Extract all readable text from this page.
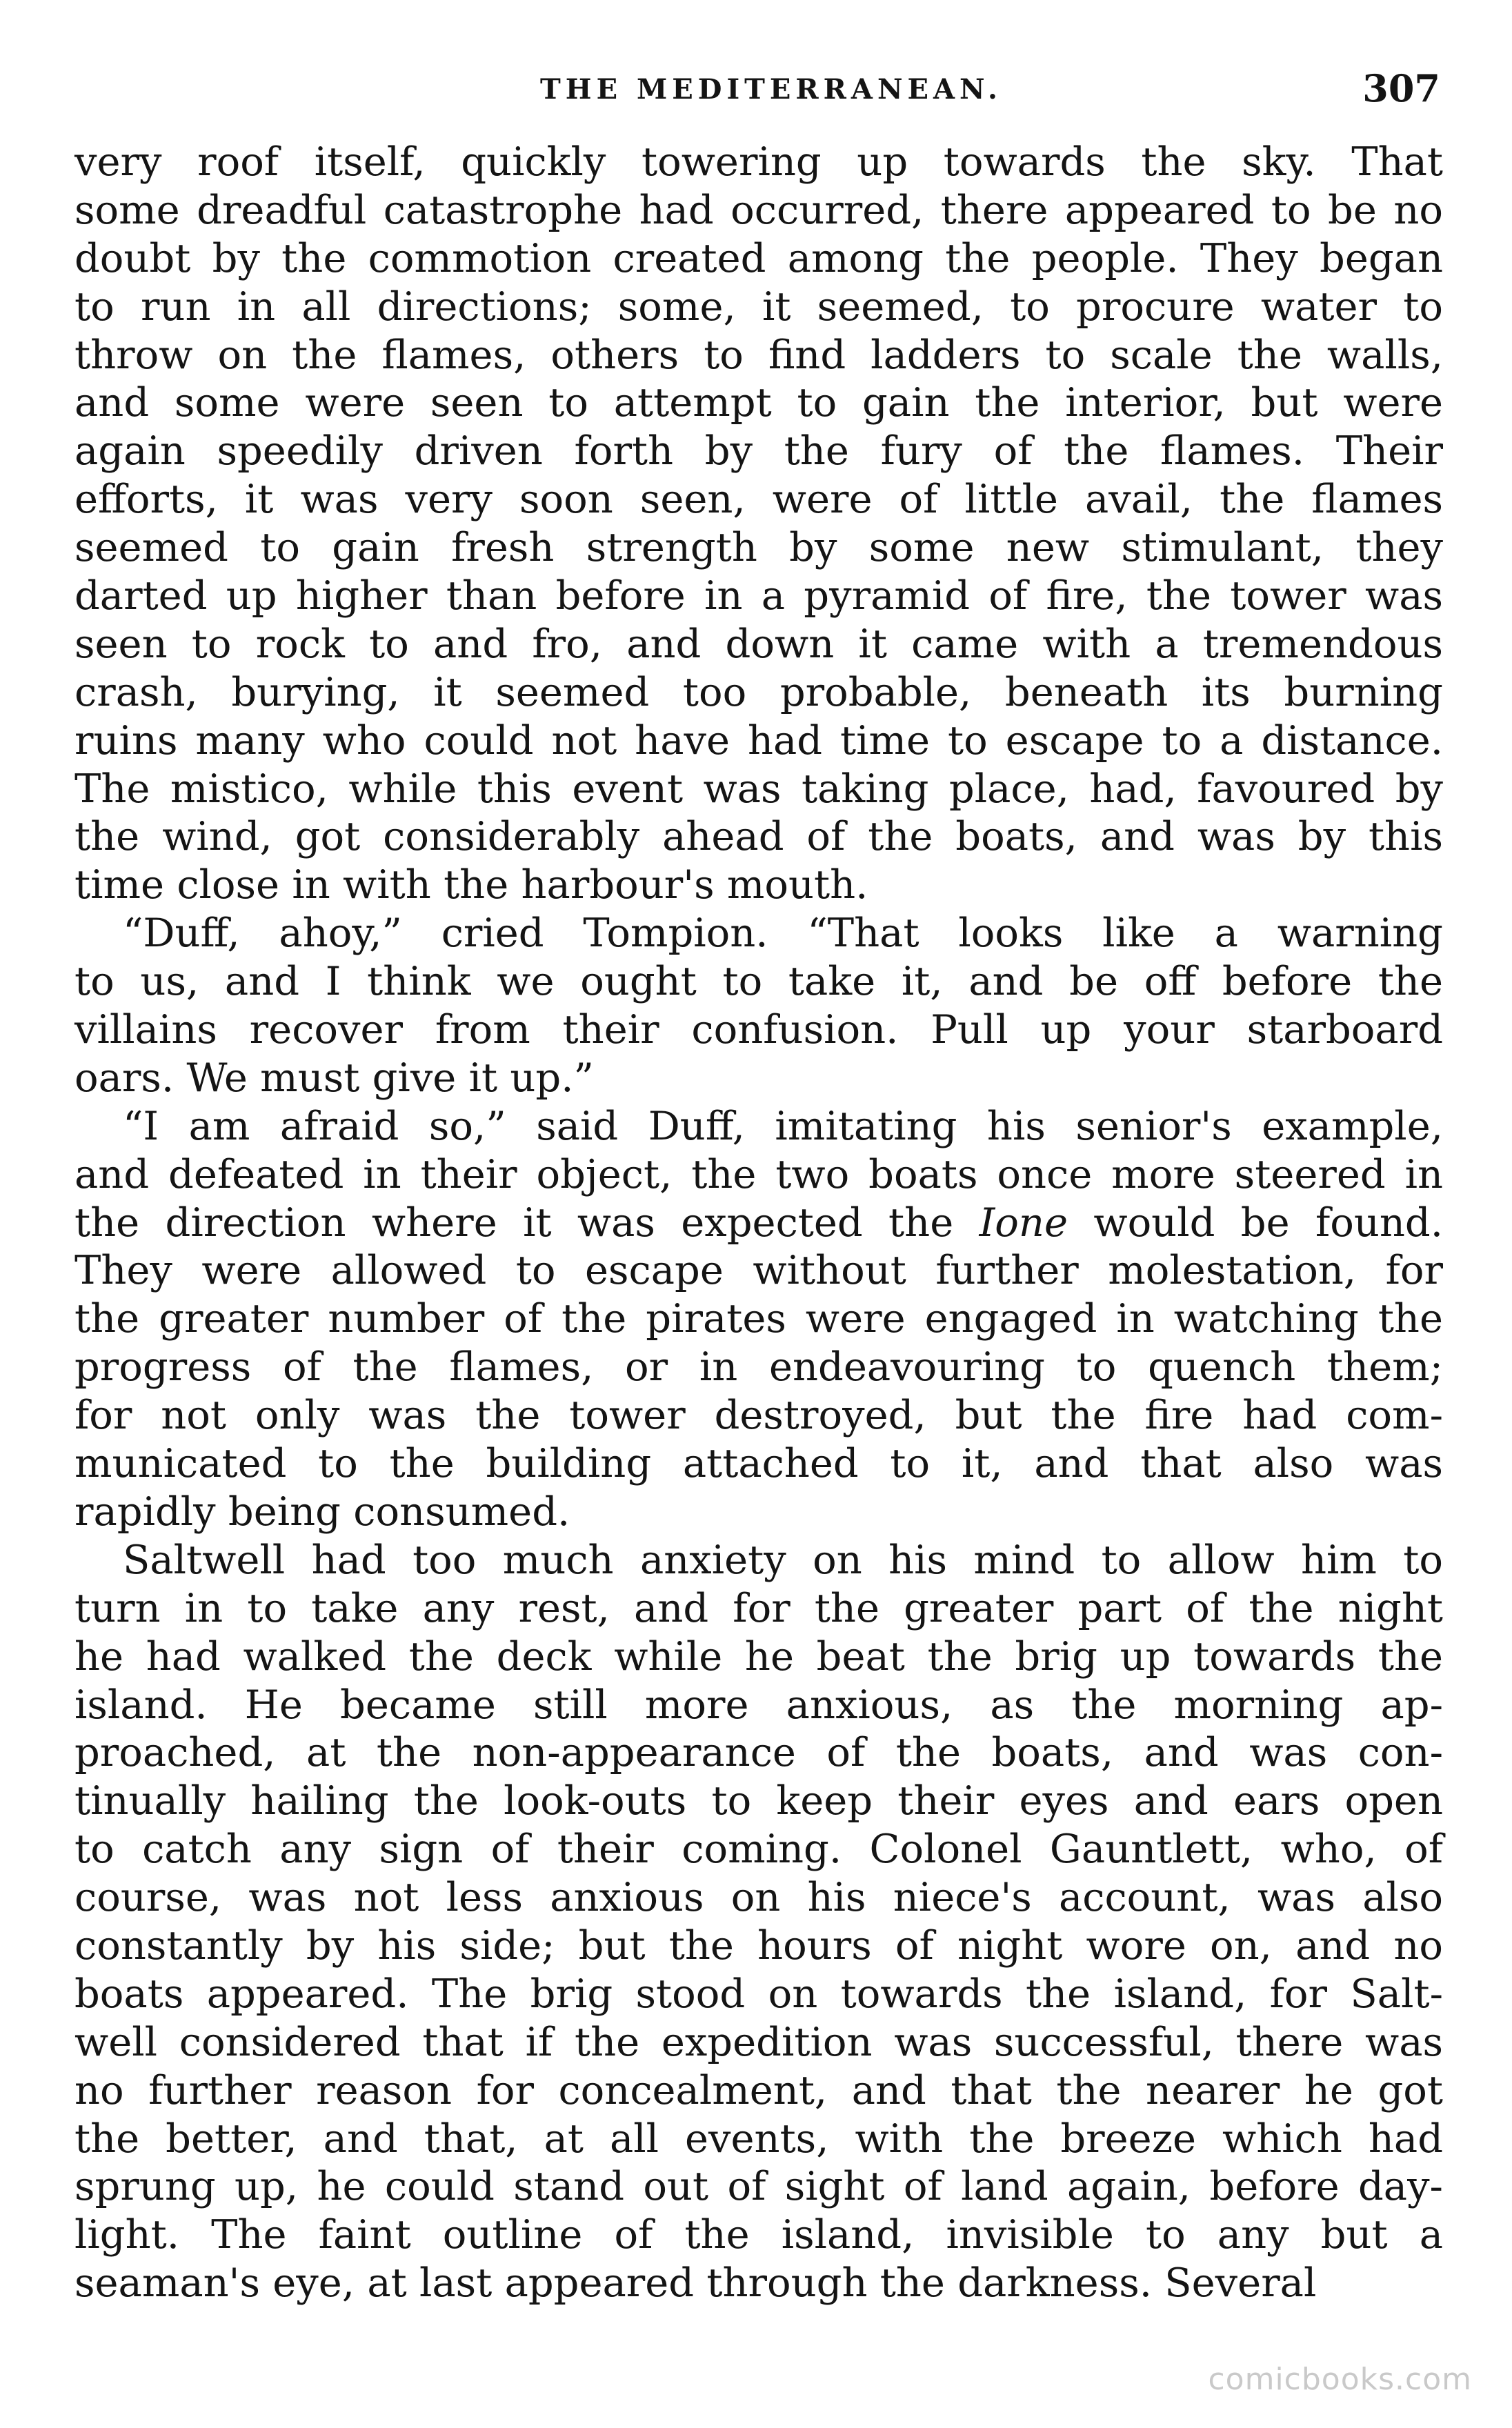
THE MEDITERRANEAN.	307
very roof itself, quickly towering up towards the sky. That
some dreadful catastrophe had occurred, there appeared to be no
doubt by the commotion created among the people. They began
to run in all directions; some, it seemed, to procure water to
throw on the flames, others to find ladders to scale the walls,
and some were seen to attempt to gain the interior, but were
again speedily driven forth by the fury of the flames. Their
efforts, it was very soon seen, were of little avail, the flames
seemed to gain fresh strength by some new stimulant, they
darted up higher than before in a pyramid of fire, the tower was
seen to rock to and fro, and down it came with a tremendous
crash, burying, it seemed too probable, beneath its burning
ruins many who could not have had time to escape to a distance.
The mistico, while this event was taking place, had, favoured by
the wind, got considerably ahead of the boats, and was by this
time close in with the harbour's mouth.
“Duff, ahoy,” cried Tompion. “That looks like a warning
to us, and I think we ought to take it, and be off before the
villains recover from their confusion. Pull up your starboard
oars. We must give it up.”
“I am afraid so,” said Duff, imitating his senior's example,
and defeated in their object, the two boats once more steered in
the direction where it was expected the Ione would be found.
They were allowed to escape without further molestation, for
the greater number of the pirates were engaged in watching the
progress of the flames, or in endeavouring to quench them;
for not only was the tower destroyed, but the fire had com-
municated to the building attached to it, and that also was
rapidly being consumed.
Saltwell had too much anxiety on his mind to allow him to
turn in to take any rest, and for the greater part of the night
he had walked the deck while he beat the brig up towards the
island. He became still more anxious, as the morning ap-
proached, at the non-appearance of the boats, and was con-
tinually hailing the look-outs to keep their eyes and ears open
to catch any sign of their coming. Colonel Gauntlett, who, of
course, was not less anxious on his niece's account, was also
constantly by his side; but the hours of night wore on, and no
boats appeared. The brig stood on towards the island, for Salt-
well considered that if the expedition was successful, there was
no further reason for concealment, and that the nearer he got
the better, and that, at all events, with the breeze which had
sprung up, he could stand out of sight of land again, before day-
light. The faint outline of the island, invisible to any but a
seaman's eye, at last appeared through the darkness. Several
comicbooks.com
